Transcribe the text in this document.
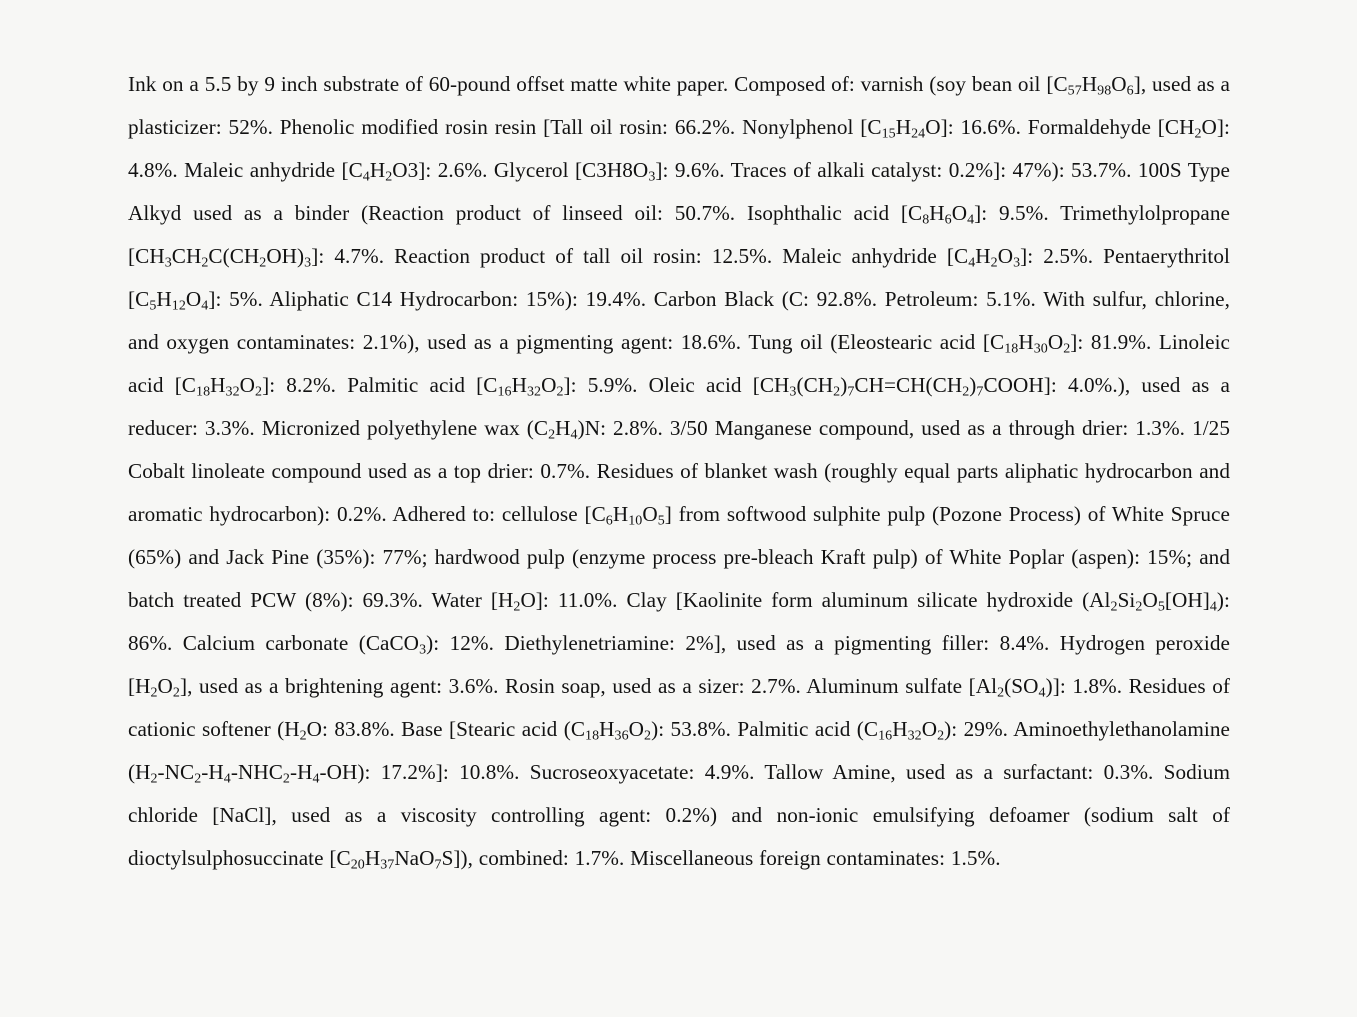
Ink on a 5.5 by 9 inch substrate of 60-pound offset matte white paper. Composed of: varnish (soy bean oil $[C_{57}H_{98}O_6]$, used as a plasticizer: 52%. Phenolic modified rosin resin [Tall oil rosin: 66.2%. Nonylphenol $[C_{15}H_{24}O]$: 16.6%. Formaldehyde $[CH_2O]$: 4.8%. Maleic anhydride $[C_4H_2O3]$: 2.6%. Glycerol $[C3H8O_3]$: 9.6%. Traces of alkali catalyst: 0.2%]: 47%): 53.7%. 100S Type Alkyd used as a binder (Reaction product of linseed oil: 50.7%. Isophthalic acid $[C_8H_6O_4]$: 9.5%. Trimethylolpropane $[CH_3CH_2C(CH_2OH)_3]$: 4.7%. Reaction product of tall oil rosin: 12.5%. Maleic anhydride $[C_4H_2O_3]$: 2.5%. Pentaerythritol $[C_5H_{12}O_4]$: 5%. Aliphatic C14 Hydrocarbon: 15%): 19.4%. Carbon Black (C: 92.8%. Petroleum: 5.1%. With sulfur, chlorine, and oxygen contaminates: 2.1%), used as a pigmenting agent: 18.6%. Tung oil (Eleostearic acid $[C_{18}H_{30}O_2]$: 81.9%. Linoleic acid $[C_{18}H_{32}O_2]$: 8.2%. Palmitic acid $[C_{16}H_{32}O_2]$: 5.9%. Oleic acid $[CH_3(CH_2)_7CH=CH(CH_2)_7COOH]$: 4.0%.), used as a reducer: 3.3%. Micronized polyethylene wax $(C_2H_4)N$: 2.8%. 3/50 Manganese compound, used as a through drier: 1.3%. 1/25 Cobalt linoleate compound used as a top drier: 0.7%. Residues of blanket wash (roughly equal parts aliphatic hydrocarbon and aromatic hydrocarbon): 0.2%. Adhered to: cellulose $[C_6H_{10}O_5]$ from softwood sulphite pulp (Pozone Process) of White Spruce (65%) and Jack Pine (35%): 77%; hardwood pulp (enzyme process pre-bleach Kraft pulp) of White Poplar (aspen): 15%; and batch treated PCW (8%): 69.3%. Water $[H_2O]$: 11.0%. Clay [Kaolinite form aluminum silicate hydroxide $(Al_2Si_2O_5[OH]_4)$: 86%. Calcium carbonate (CaCO$_3$): 12%. Diethylenetriamine: 2%], used as a pigmenting filler: 8.4%. Hydrogen peroxide $[H_2O_2]$, used as a brightening agent: 3.6%. Rosin soap, used as a sizer: 2.7%. Aluminum sulfate $[Al_2(SO_4)]$: 1.8%. Residues of cationic softener ($H_2O$: 83.8%. Base [Stearic acid $(C_{18}H_{36}O_2)$: 53.8%. Palmitic acid $(C_{16}H_{32}O_2)$: 29%. Aminoethylethanolamine $(H_2-NC_2-H_4-NHC_2-H_4-OH)$: 17.2%]: 10.8%. Sucroseoxyacetate: 4.9%. Tallow Amine, used as a surfactant: 0.3%. Sodium chloride [NaCl], used as a viscosity controlling agent: 0.2%) and non-ionic emulsifying defoamer (sodium salt of dioctylsulphosuccinate $[C_{20}H_{37}NaO_7S]$), combined: 1.7%. Miscellaneous foreign contaminates: 1.5%.
